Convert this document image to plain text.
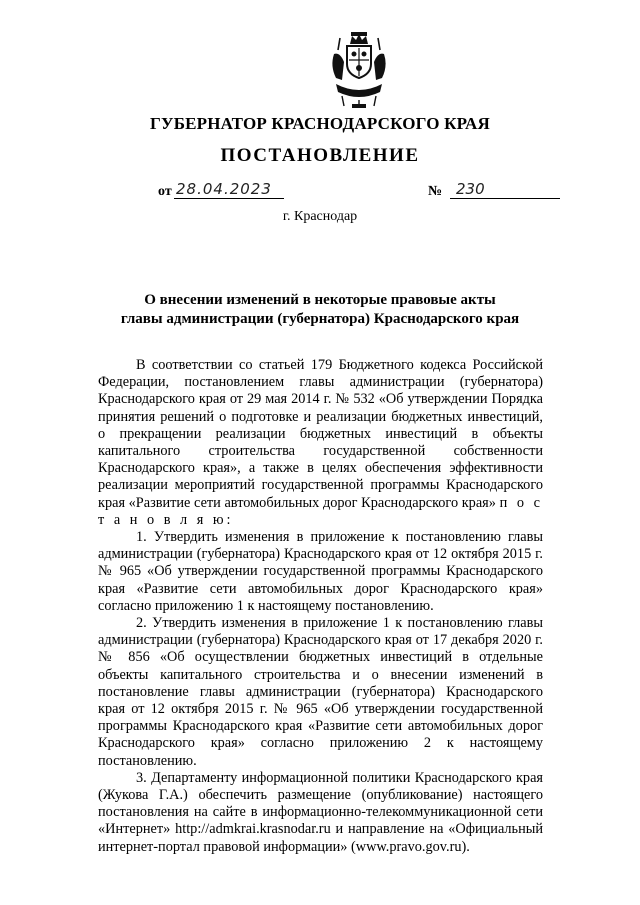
ГУБЕРНАТОР КРАСНОДАРСКОГО КРАЯ
ПОСТАНОВЛЕНИЕ
от 28.04.2023	№ 230
г. Краснодар
О внесении изменений в некоторые правовые акты
главы администрации (губернатора) Краснодарского края

В соответствии со статьей 179 Бюджетного кодекса Российской Федерации, постановлением главы администрации (губернатора) Краснодарского края от 29 мая 2014 г. № 532 «Об утверждении Порядка принятия решений о подготовке и реализации бюджетных инвестиций, о прекращении реализации бюджетных инвестиций в объекты капитального строительства государственной собственности Краснодарского края», а также в целях обеспечения эффективности реализации мероприятий государственной программы Краснодарского края «Развитие сети автомобильных дорог Краснодарского края» п о с т а н о в л я ю:

1. Утвердить изменения в приложение к постановлению главы администрации (губернатора) Краснодарского края от 12 октября 2015 г. № 965 «Об утверждении государственной программы Краснодарского края «Развитие сети автомобильных дорог Краснодарского края» согласно приложению 1 к настоящему постановлению.

2. Утвердить изменения в приложение 1 к постановлению главы администрации (губернатора) Краснодарского края от 17 декабря 2020 г. № 856 «Об осуществлении бюджетных инвестиций в отдельные объекты капитального строительства и о внесении изменений в постановление главы администрации (губернатора) Краснодарского края от 12 октября 2015 г. № 965 «Об утверждении государственной программы Краснодарского края «Развитие сети автомобильных дорог Краснодарского края» согласно приложению 2 к настоящему постановлению.

3. Департаменту информационной политики Краснодарского края (Жукова Г.А.) обеспечить размещение (опубликование) настоящего постановления на сайте в информационно-телекоммуникационной сети «Интернет» http://admkrai.krasnodar.ru и направление на «Официальный интернет-портал правовой информации» (www.pravo.gov.ru).
